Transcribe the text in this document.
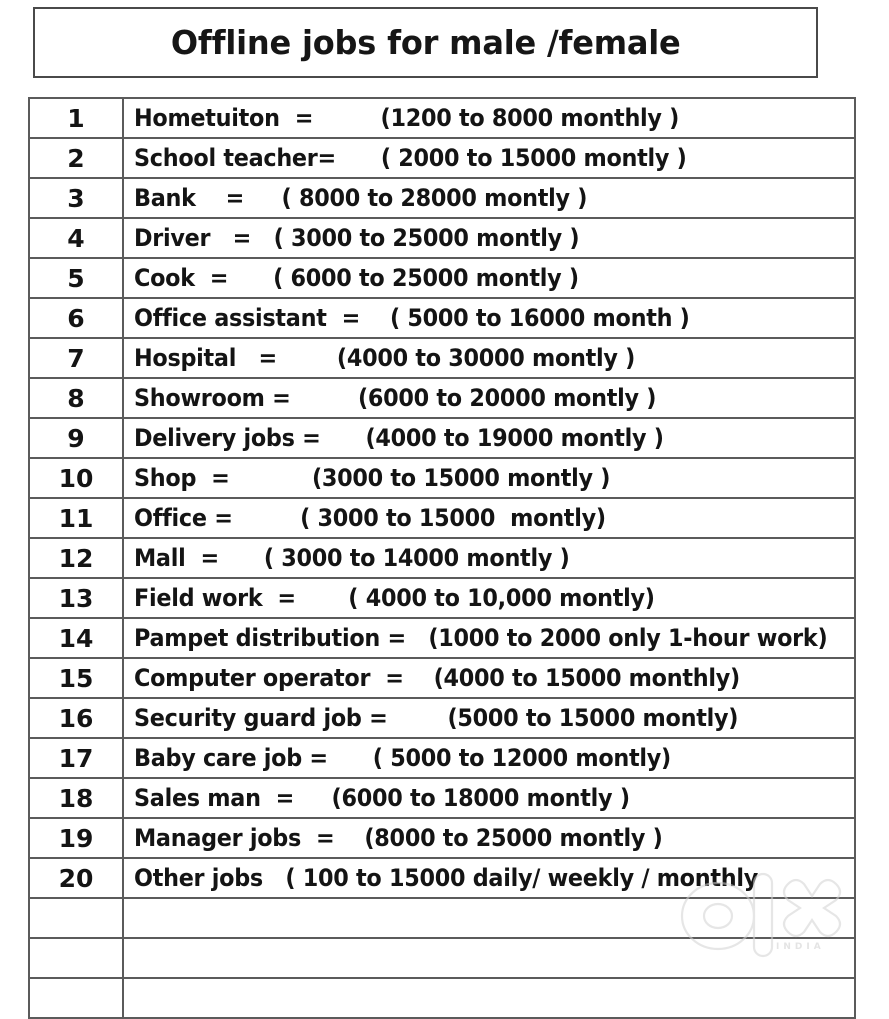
Offline jobs for male /female
1	Hometuiton  =         (1200 to 8000 monthly )
2	School teacher=      ( 2000 to 15000 montly )
3	Bank    =     ( 8000 to 28000 montly )
4	Driver   =   ( 3000 to 25000 montly )
5	Cook  =      ( 6000 to 25000 montly )
6	Office assistant  =    ( 5000 to 16000 month )
7	Hospital   =        (4000 to 30000 montly )
8	Showroom =         (6000 to 20000 montly )
9	Delivery jobs =      (4000 to 19000 montly )
10	Shop  =           (3000 to 15000 montly )
11	Office =         ( 3000 to 15000  montly)
12	Mall  =      ( 3000 to 14000 montly )
13	Field work  =       ( 4000 to 10,000 montly)
14	Pampet distribution =   (1000 to 2000 only 1-hour work)
15	Computer operator  =    (4000 to 15000 monthly)
16	Security guard job =        (5000 to 15000 montly)
17	Baby care job =      ( 5000 to 12000 montly)
18	Sales man  =     (6000 to 18000 montly )
19	Manager jobs  =    (8000 to 25000 montly )
20	Other jobs   ( 100 to 15000 daily/ weekly / monthly

INDIA
